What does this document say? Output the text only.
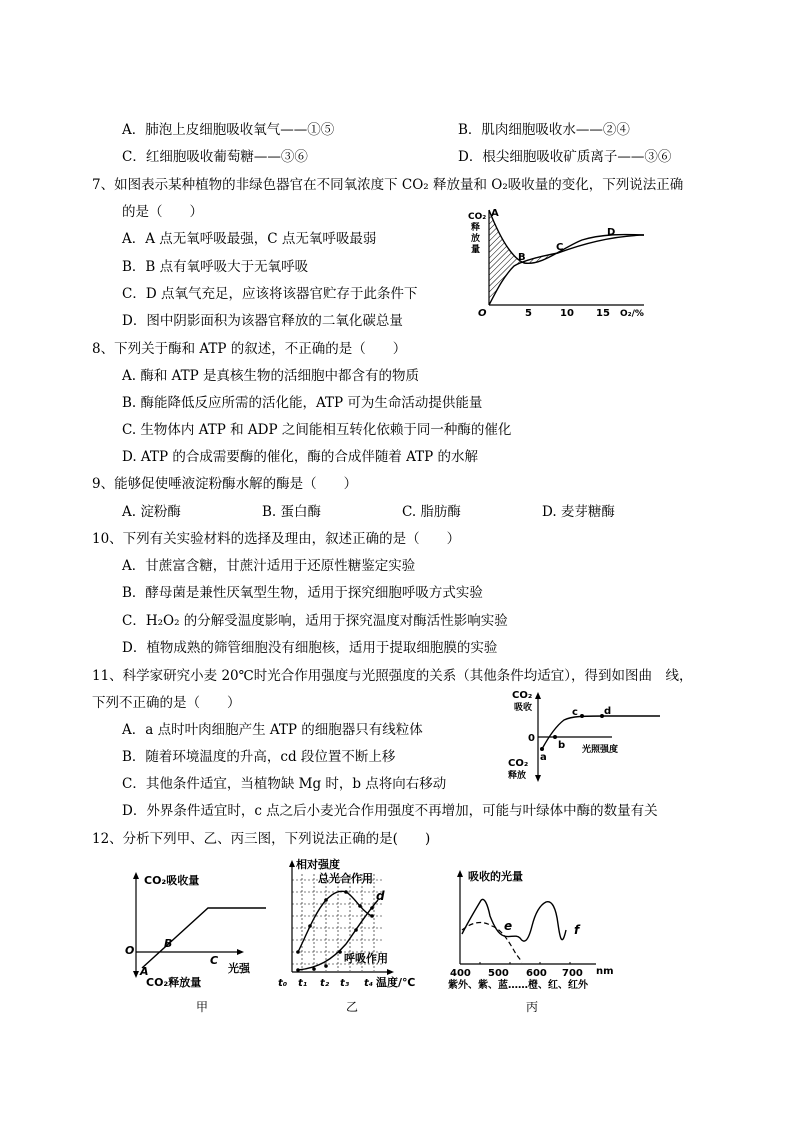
A．肺泡上皮细胞吸收氧气——①⑤	B．肌肉细胞吸收水——②④
C．红细胞吸收葡萄糖——③⑥	D．根尖细胞吸收矿质离子——③⑥
7、如图表示某种植物的非绿色器官在不同氧浓度下 CO₂ 释放量和 O₂吸收量的变化，下列说法正确
的是（　　）
A．A 点无氧呼吸最强，C 点无氧呼吸最弱
B．B 点有氧呼吸大于无氧呼吸
C．D 点氧气充足，应该将该器官贮存于此条件下
D．图中阴影面积为该器官释放的二氧化碳总量
CO₂
释
放
量
A
B
C
D
O	5	10 15 O₂/%
8、下列关于酶和 ATP 的叙述，不正确的是（　　）
A. 酶和 ATP 是真核生物的活细胞中都含有的物质
B. 酶能降低反应所需的活化能，ATP 可为生命活动提供能量
C. 生物体内 ATP 和 ADP 之间能相互转化依赖于同一种酶的催化
D. ATP 的合成需要酶的催化，酶的合成伴随着 ATP 的水解
9、能够促使唾液淀粉酶水解的酶是（　　）
A. 淀粉酶	B. 蛋白酶	C. 脂肪酶	D. 麦芽糖酶
10、下列有关实验材料的选择及理由，叙述正确的是（　　）
A．甘蔗富含糖，甘蔗汁适用于还原性糖鉴定实验
B．酵母菌是兼性厌氧型生物，适用于探究细胞呼吸方式实验
C．H₂O₂ 的分解受温度影响，适用于探究温度对酶活性影响实验
D．植物成熟的筛管细胞没有细胞核，适用于提取细胞膜的实验
11、科学家研究小麦 20℃时光合作用强度与光照强度的关系（其他条件均适宜），得到如图曲　线，
下列不正确的是（　　）
A．a 点时叶肉细胞产生 ATP 的细胞器只有线粒体
B．随着环境温度的升高，cd 段位置不断上移
C．其他条件适宜，当植物缺 Mg 时，b 点将向右移动
D．外界条件适宜时，c 点之后小麦光合作用强度不再增加，可能与叶绿体中酶的数量有关
CO₂
吸收
CO₂
释放
0
a
b
c	d
光照强度
12、分析下列甲、乙、丙三图，下列说法正确的是(　　)
CO₂吸收量
CO₂释放量
O
A
B
C
光强
甲
相对强度
总光合作用
d
呼吸作用
t₀ t₁ t₂ t₃ t₄ 温度/℃
乙
吸收的光量
e	f
400 500 600 700 nm
紫外、紫、蓝……橙、红、红外
丙
